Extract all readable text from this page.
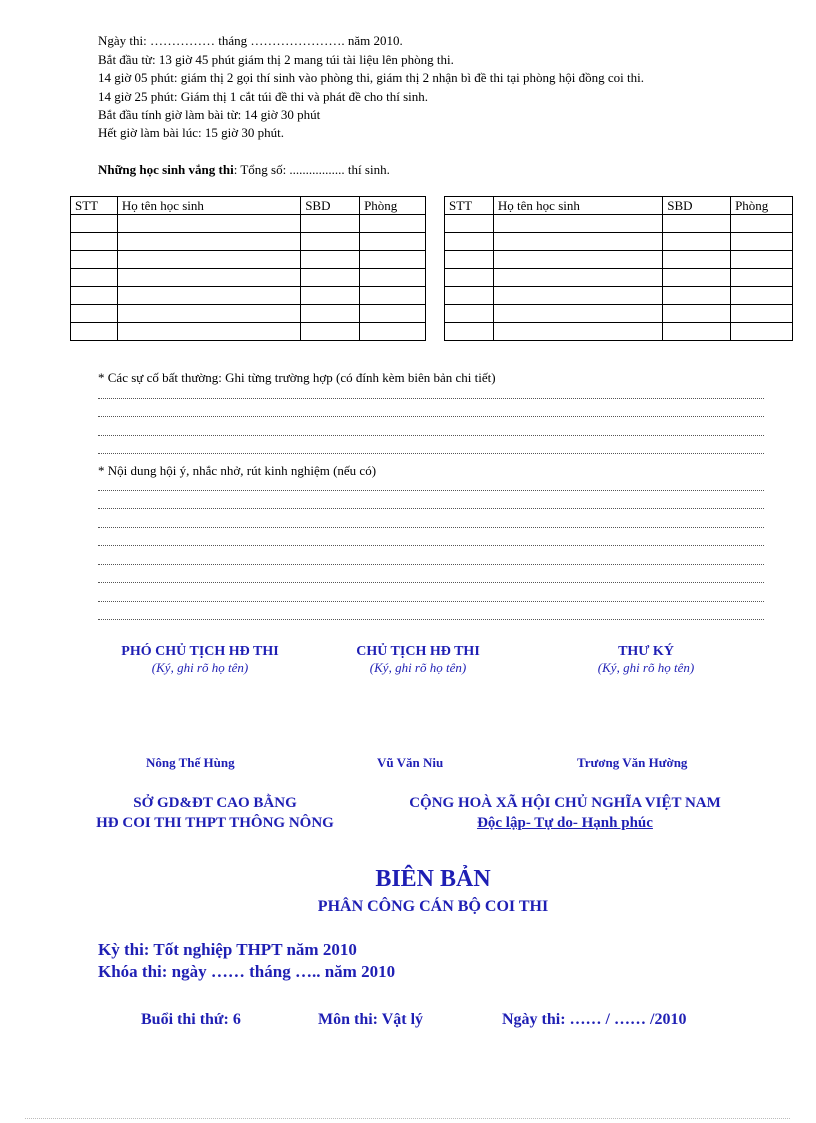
Ngày thi: …………… tháng …………………. năm 2010.
Bắt đầu từ: 13 giờ 45 phút giám thị 2 mang túi tài liệu lên phòng thi.
14 giờ 05 phút: giám thị 2 gọi thí sinh vào phòng thi, giám thị 2 nhận bì đề thi tại phòng hội đồng coi thi.
14 giờ 25 phút: Giám thị 1 cắt túi đề thi và phát đề cho thí sinh.
Bắt đầu tính giờ làm bài từ: 14 giờ 30 phút
Hết giờ làm bài lúc: 15 giờ 30 phút.
Những học sinh vắng thi: Tổng số: ................. thí sinh.
STT	Họ tên học sinh	SBD	Phòng

				STT	Họ tên học sinh	SBD	Phòng

* Các sự cố bất thường: Ghi từng trường hợp (có đính kèm biên bản chi tiết)
* Nội dung hội ý, nhắc nhở, rút kinh nghiệm (nếu có)
PHÓ CHỦ TỊCH HĐ THI
(Ký, ghi rõ họ tên)
CHỦ TỊCH HĐ THI
(Ký, ghi rõ họ tên)
THƯ KÝ
(Ký, ghi rõ họ tên)
Nông Thế Hùng	Vũ Văn Niu	Trương Văn Hường
SỞ GD&ĐT CAO BẰNG
HĐ COI THI THPT THÔNG NÔNG
CỘNG HOÀ XÃ HỘI CHỦ NGHĨA VIỆT NAM
Độc lập- Tự do- Hạnh phúc
BIÊN BẢN
PHÂN CÔNG CÁN BỘ COI THI
Kỳ thi: Tốt nghiệp THPT năm 2010
Khóa thi: ngày …… tháng ….. năm 2010
Buổi thi thứ: 6	Môn thi: Vật lý	Ngày thi: …… / …… /2010
